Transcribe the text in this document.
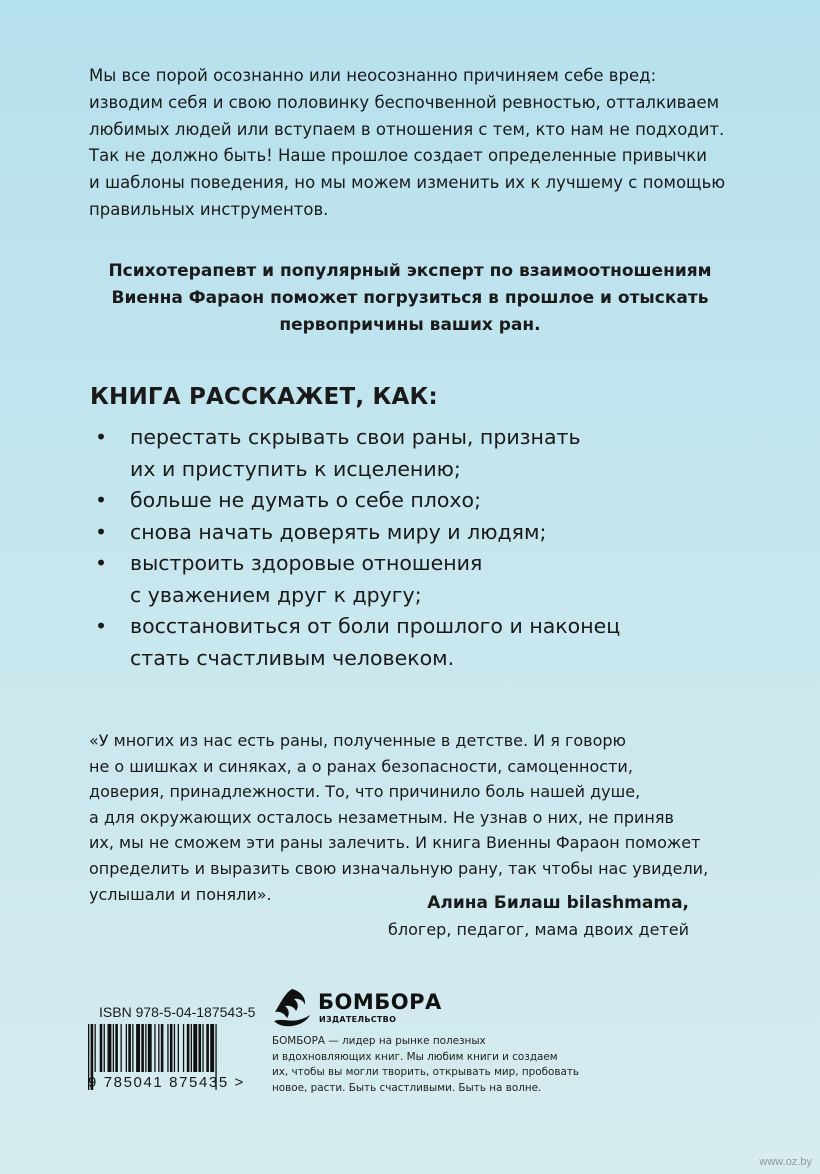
Мы все порой осознанно или неосознанно причиняем себе вред:
изводим себя и свою половинку беспочвенной ревностью, отталкиваем
любимых людей или вступаем в отношения с тем, кто нам не подходит.
Так не должно быть! Наше прошлое создает определенные привычки
и шаблоны поведения, но мы можем изменить их к лучшему с помощью
правильных инструментов.

Психотерапевт и популярный эксперт по взаимоотношениям
Виенна Фараон поможет погрузиться в прошлое и отыскать
первопричины ваших ран.

КНИГА РАССКАЖЕТ, КАК:
• перестать скрывать свои раны, признать
их и приступить к исцелению;
• больше не думать о себе плохо;
• снова начать доверять миру и людям;
• выстроить здоровые отношения
с уважением друг к другу;
• восстановиться от боли прошлого и наконец
стать счастливым человеком.

«У многих из нас есть раны, полученные в детстве. И я говорю
не о шишках и синяках, а о ранах безопасности, самоценности,
доверия, принадлежности. То, что причинило боль нашей душе,
а для окружающих осталось незаметным. Не узнав о них, не приняв
их, мы не сможем эти раны залечить. И книга Виенны Фараон поможет
определить и выразить свою изначальную рану, так чтобы нас увидели,
услышали и поняли».	Алина Билаш bilashmama,

блогер, педагог, мама двоих детей

ISBN 978-5-04-187543-5
9 785041 875435 >
БОМБОРА
ИЗДАТЕЛЬСТВО

БОМБОРА — лидер на рынке полезных
и вдохновляющих книг. Мы любим книги и создаем
их, чтобы вы могли творить, открывать мир, пробовать
новое, расти. Быть счастливыми. Быть на волне.

www.oz.by
